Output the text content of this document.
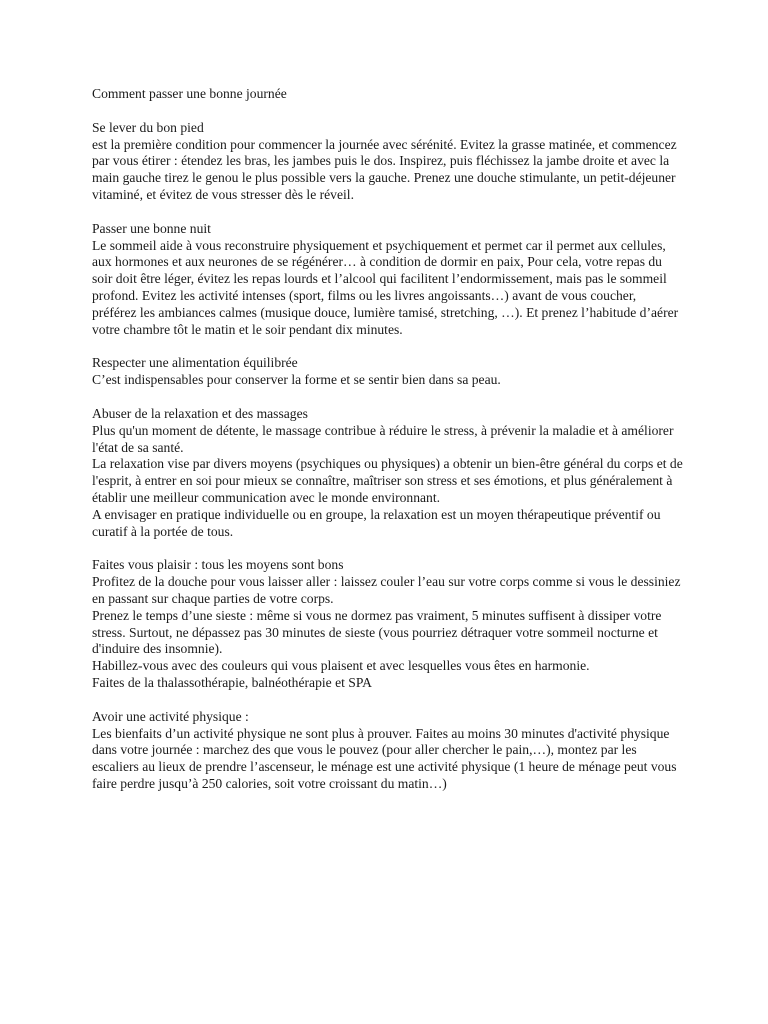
Comment passer une bonne journée
Se lever du bon pied
est la première condition pour commencer la journée avec sérénité. Evitez la grasse matinée, et commencez par vous étirer : étendez les bras, les jambes puis le dos. Inspirez, puis fléchissez la jambe droite et avec la main gauche tirez le genou le plus possible vers la gauche. Prenez une douche stimulante, un petit-déjeuner vitaminé, et évitez de vous stresser dès le réveil.
Passer une bonne nuit
Le sommeil aide à vous reconstruire physiquement et psychiquement et permet car il permet aux cellules, aux hormones et aux neurones de se régénérer… à condition de dormir en paix, Pour cela, votre repas du soir doit être léger, évitez les repas lourds et l’alcool qui facilitent l’endormissement, mais pas le sommeil profond. Evitez les activité intenses (sport, films ou les livres angoissants…) avant de vous coucher, préférez les ambiances calmes (musique douce, lumière tamisé, stretching, …). Et prenez l’habitude d’aérer votre chambre tôt le matin et le soir pendant dix minutes.
Respecter une alimentation équilibrée
C’est indispensables pour conserver la forme et se sentir bien dans sa peau.
Abuser de la relaxation et des massages
Plus qu'un moment de détente, le massage contribue à réduire le stress, à prévenir la maladie et à améliorer l'état de sa santé.
La relaxation vise par divers moyens (psychiques ou physiques) a obtenir un bien-être général du corps et de l'esprit, à entrer en soi pour mieux se connaître, maîtriser son stress et ses émotions, et plus généralement à établir une meilleur communication avec le monde environnant.
A envisager en pratique individuelle ou en groupe, la relaxation est un moyen thérapeutique préventif ou curatif à la portée de tous.
Faites vous plaisir : tous les moyens sont bons
Profitez de la douche pour vous laisser aller : laissez couler l’eau sur votre corps comme si vous le dessiniez en passant sur chaque parties de votre corps.
Prenez le temps d’une sieste : même si vous ne dormez pas vraiment, 5 minutes suffisent à dissiper votre stress. Surtout, ne dépassez pas 30 minutes de sieste (vous pourriez détraquer votre sommeil nocturne et d'induire des insomnie).
Habillez-vous avec des couleurs qui vous plaisent et avec lesquelles vous êtes en harmonie.
Faites de la thalassothérapie, balnéothérapie et SPA
Avoir une activité physique :
Les bienfaits d’un activité physique ne sont plus à prouver. Faites au moins 30 minutes d'activité physique dans votre journée : marchez des que vous le pouvez (pour aller chercher le pain,…), montez par les escaliers au lieux de prendre l’ascenseur, le ménage est une activité physique (1 heure de ménage peut vous faire perdre jusqu’à 250 calories, soit votre croissant du matin…)
